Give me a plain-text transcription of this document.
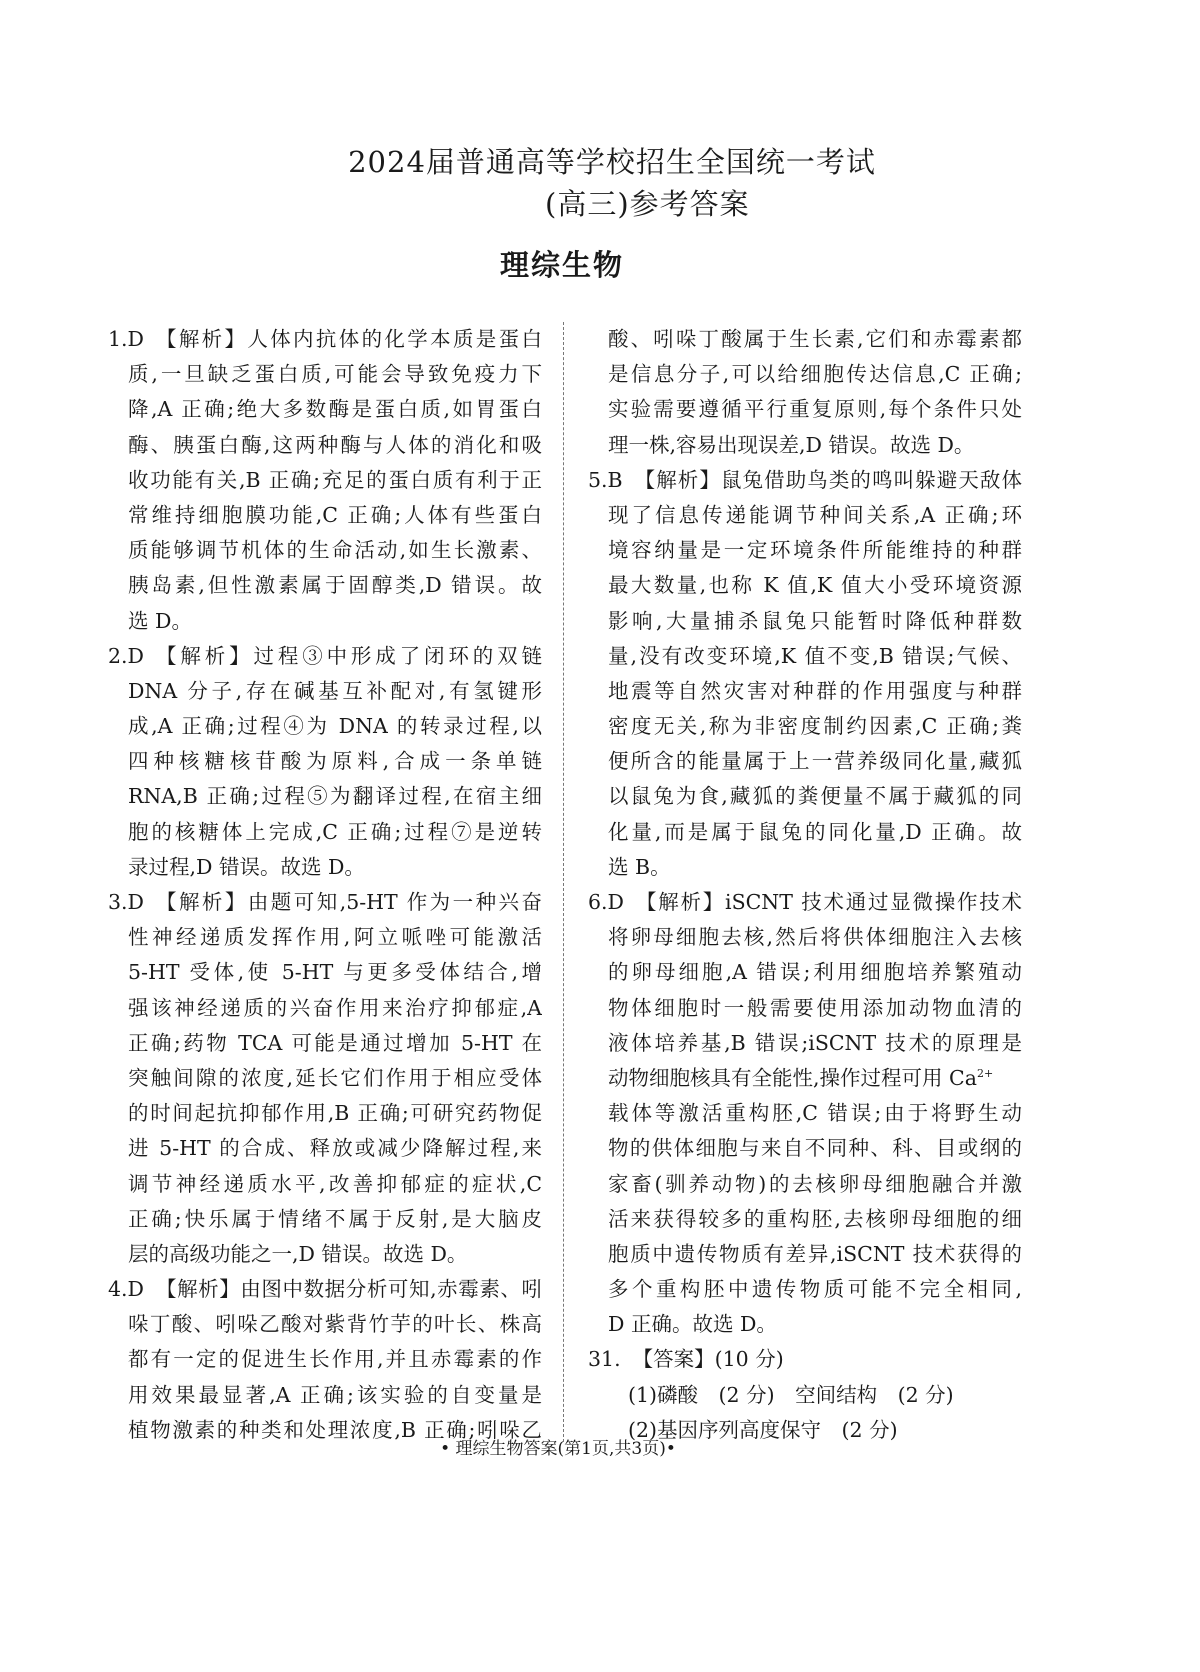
2024届普通高等学校招生全国统一考试
(高三)参考答案
理综生物
1.D 【解析】人体内抗体的化学本质是蛋白
质,一旦缺乏蛋白质,可能会导致免疫力下
降,A 正确;绝大多数酶是蛋白质,如胃蛋白
酶、胰蛋白酶,这两种酶与人体的消化和吸
收功能有关,B 正确;充足的蛋白质有利于正
常维持细胞膜功能,C 正确;人体有些蛋白
质能够调节机体的生命活动,如生长激素、
胰岛素,但性激素属于固醇类,D 错误。故
选 D。
2.D 【解析】过程③中形成了闭环的双链
DNA 分子,存在碱基互补配对,有氢键形
成,A 正确;过程④为 DNA 的转录过程,以
四种核糖核苷酸为原料,合成一条单链
RNA,B 正确;过程⑤为翻译过程,在宿主细
胞的核糖体上完成,C 正确;过程⑦是逆转
录过程,D 错误。故选 D。
3.D 【解析】由题可知,5-HT 作为一种兴奋
性神经递质发挥作用,阿立哌唑可能激活
5-HT 受体,使 5-HT 与更多受体结合,增
强该神经递质的兴奋作用来治疗抑郁症,A
正确;药物 TCA 可能是通过增加 5-HT 在
突触间隙的浓度,延长它们作用于相应受体
的时间起抗抑郁作用,B 正确;可研究药物促
进 5-HT 的合成、释放或减少降解过程,来
调节神经递质水平,改善抑郁症的症状,C
正确;快乐属于情绪不属于反射,是大脑皮
层的高级功能之一,D 错误。故选 D。
4.D 【解析】由图中数据分析可知,赤霉素、吲
哚丁酸、吲哚乙酸对紫背竹芋的叶长、株高
都有一定的促进生长作用,并且赤霉素的作
用效果最显著,A 正确;该实验的自变量是
植物激素的种类和处理浓度,B 正确;吲哚乙
酸、吲哚丁酸属于生长素,它们和赤霉素都
是信息分子,可以给细胞传达信息,C 正确;
实验需要遵循平行重复原则,每个条件只处
理一株,容易出现误差,D 错误。故选 D。
5.B 【解析】鼠兔借助鸟类的鸣叫躲避天敌体
现了信息传递能调节种间关系,A 正确;环
境容纳量是一定环境条件所能维持的种群
最大数量,也称 K 值,K 值大小受环境资源
影响,大量捕杀鼠兔只能暂时降低种群数
量,没有改变环境,K 值不变,B 错误;气候、
地震等自然灾害对种群的作用强度与种群
密度无关,称为非密度制约因素,C 正确;粪
便所含的能量属于上一营养级同化量,藏狐
以鼠兔为食,藏狐的粪便量不属于藏狐的同
化量,而是属于鼠兔的同化量,D 正确。故
选 B。
6.D 【解析】iSCNT 技术通过显微操作技术
将卵母细胞去核,然后将供体细胞注入去核
的卵母细胞,A 错误;利用细胞培养繁殖动
物体细胞时一般需要使用添加动物血清的
液体培养基,B 错误;iSCNT 技术的原理是
动物细胞核具有全能性,操作过程可用 $Ca^{2+}$
载体等激活重构胚,C 错误;由于将野生动
物的供体细胞与来自不同种、科、目或纲的
家畜(驯养动物)的去核卵母细胞融合并激
活来获得较多的重构胚,去核卵母细胞的细
胞质中遗传物质有差异,iSCNT 技术获得的
多个重构胚中遗传物质可能不完全相同,
D 正确。故选 D。
31. 【答案】(10 分)
(1)磷酸　(2 分)　空间结构　(2 分)
(2)基因序列高度保守　(2 分)
• 理综生物答案(第1页,共3页)•
